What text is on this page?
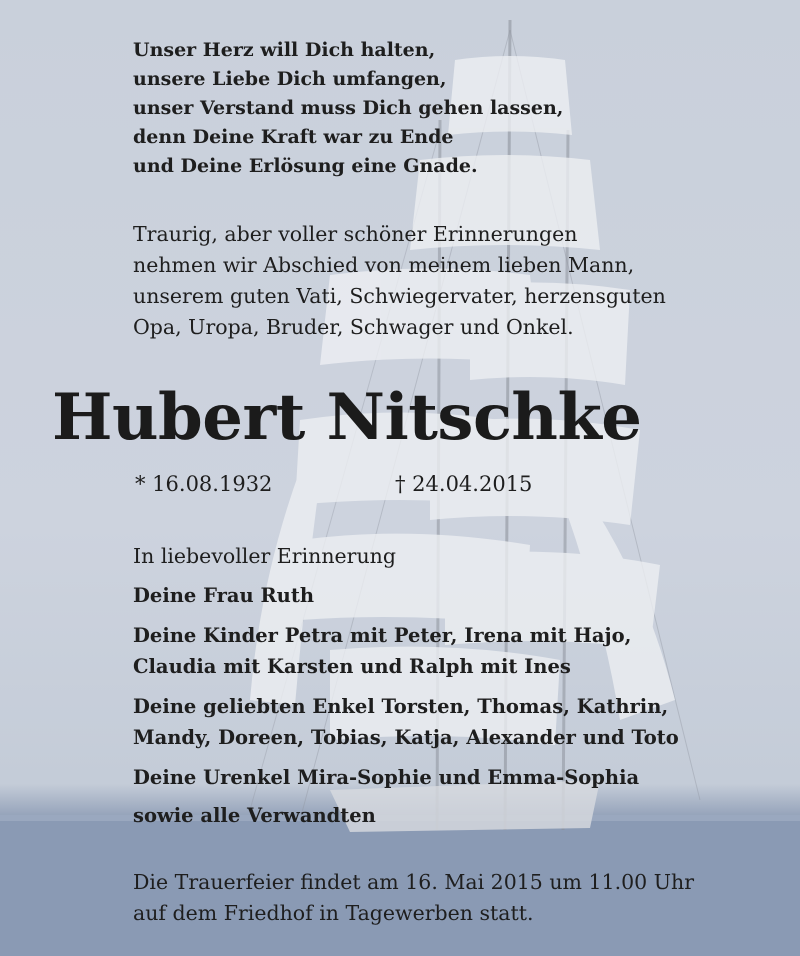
Unser Herz will Dich halten,

unsere Liebe Dich umfangen,

unser Verstand muss Dich gehen lassen,

denn Deine Kraft war zu Ende

und Deine Erlösung eine Gnade.

Traurig, aber voller schöner Erinnerungen

nehmen wir Abschied von meinem lieben Mann,

unserem guten Vati, Schwiegervater, herzensguten

Opa, Uropa, Bruder, Schwager und Onkel.

Hubert Nitschke
* 16.08.1932	† 24.04.2015

In liebevoller Erinnerung

Deine Frau Ruth

Deine Kinder Petra mit Peter, Irena mit Hajo,

Claudia mit Karsten und Ralph mit Ines

Deine geliebten Enkel Torsten, Thomas, Kathrin,

Mandy, Doreen, Tobias, Katja, Alexander und Toto

Deine Urenkel Mira-Sophie und Emma-Sophia

sowie alle Verwandten

Die Trauerfeier findet am 16. Mai 2015 um 11.00 Uhr

auf dem Friedhof in Tagewerben statt.
